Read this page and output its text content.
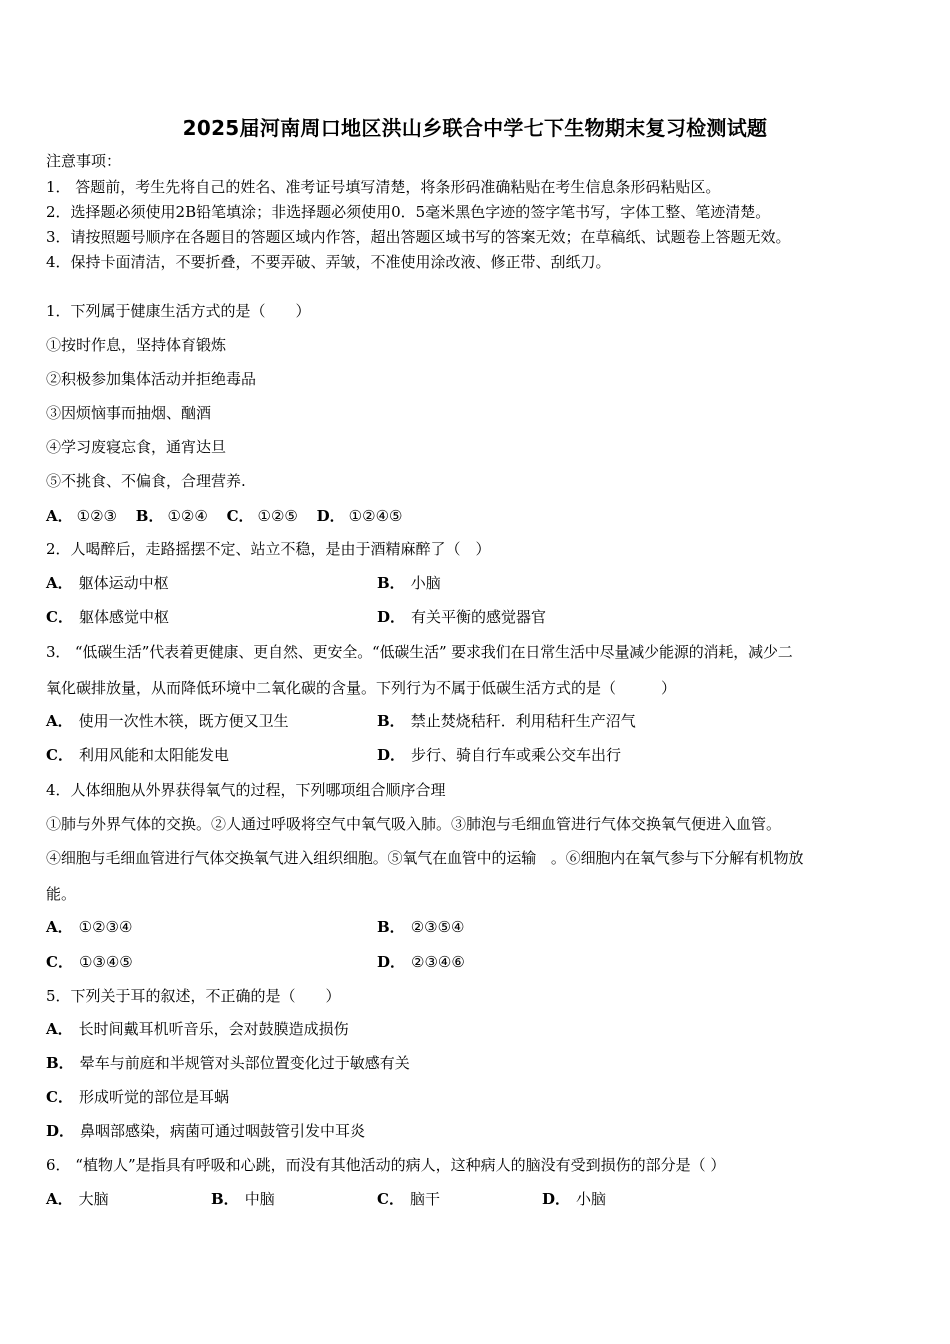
2025届河南周口地区洪山乡联合中学七下生物期末复习检测试题
注意事项：
1． 答题前，考生先将自己的姓名、准考证号填写清楚，将条形码准确粘贴在考生信息条形码粘贴区。
2．选择题必须使用2B铅笔填涂；非选择题必须使用0．5毫米黑色字迹的签字笔书写，字体工整、笔迹清楚。
3．请按照题号顺序在各题目的答题区域内作答，超出答题区域书写的答案无效；在草稿纸、试题卷上答题无效。
4．保持卡面清洁，不要折叠，不要弄破、弄皱，不准使用涂改液、修正带、刮纸刀。
1．下列属于健康生活方式的是（　　）
①按时作息，坚持体育锻炼
②积极参加集体活动并拒绝毒品
③因烦恼事而抽烟、酗酒
④学习废寝忘食，通宵达旦
⑤不挑食、不偏食，合理营养.
A． ①②③ B． ①②④ C． ①②⑤ D． ①②④⑤
2．人喝醉后，走路摇摆不定、站立不稳，是由于酒精麻醉了（　）
A． 躯体运动中枢	B． 小脑
C． 躯体感觉中枢	D． 有关平衡的感觉器官
3． “低碳生活”代表着更健康、更自然、更安全。“低碳生活” 要求我们在日常生活中尽量减少能源的消耗，减少二
氧化碳排放量，从而降低环境中二氧化碳的含量。下列行为不属于低碳生活方式的是（　　　）
A． 使用一次性木筷，既方便又卫生	B． 禁止焚烧秸秆．利用秸秆生产沼气
C． 利用风能和太阳能发电	D． 步行、骑自行车或乘公交车出行
4．人体细胞从外界获得氧气的过程，下列哪项组合顺序合理
①肺与外界气体的交换。②人通过呼吸将空气中氧气吸入肺。③肺泡与毛细血管进行气体交换氧气便进入血管。
④细胞与毛细血管进行气体交换氧气进入组织细胞。⑤氧气在血管中的运输　。⑥细胞内在氧气参与下分解有机物放
能。
A． ①②③④	B． ②③⑤④
C． ①③④⑤	D． ②③④⑥
5．下列关于耳的叙述，不正确的是（　　）
A． 长时间戴耳机听音乐，会对鼓膜造成损伤
B． 晕车与前庭和半规管对头部位置变化过于敏感有关
C． 形成听觉的部位是耳蜗
D． 鼻咽部感染，病菌可通过咽鼓管引发中耳炎
6． “植物人”是指具有呼吸和心跳，而没有其他活动的病人，这种病人的脑没有受到损伤的部分是（ ）
A． 大脑	B． 中脑	C． 脑干	D． 小脑
